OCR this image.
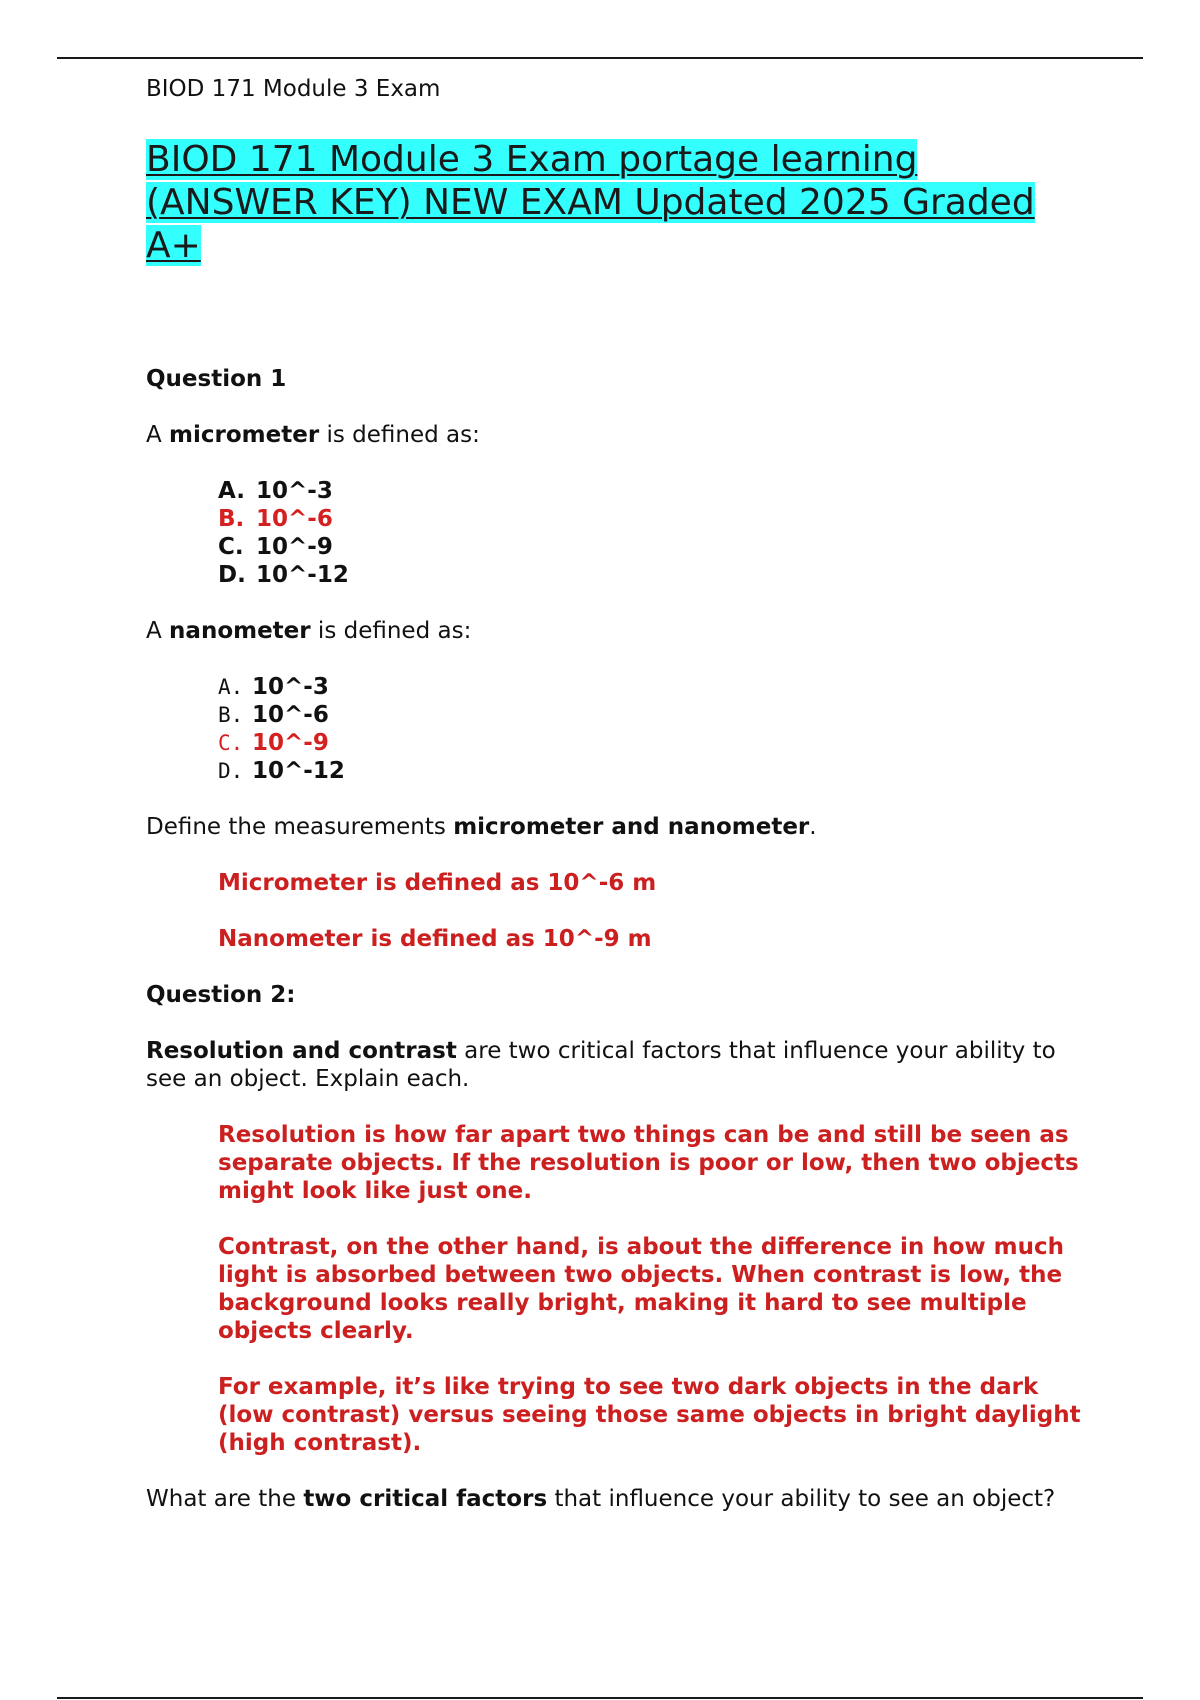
BIOD 171 Module 3 Exam

BIOD 171 Module 3 Exam portage learning (ANSWER KEY) NEW EXAM Updated 2025 Graded A+

Question 1

A micrometer is defined as:

A. 10^-3
B. 10^-6
C. 10^-9
D. 10^-12

A nanometer is defined as:

A. 10^-3
B. 10^-6
C. 10^-9
D. 10^-12

Define the measurements micrometer and nanometer.

Micrometer is defined as 10^-6 m

Nanometer is defined as 10^-9 m

Question 2:

Resolution and contrast are two critical factors that influence your ability to see an object. Explain each.

Resolution is how far apart two things can be and still be seen as separate objects. If the resolution is poor or low, then two objects might look like just one.

Contrast, on the other hand, is about the difference in how much light is absorbed between two objects. When contrast is low, the background looks really bright, making it hard to see multiple objects clearly.

For example, it’s like trying to see two dark objects in the dark (low contrast) versus seeing those same objects in bright daylight (high contrast).

What are the two critical factors that influence your ability to see an object?
